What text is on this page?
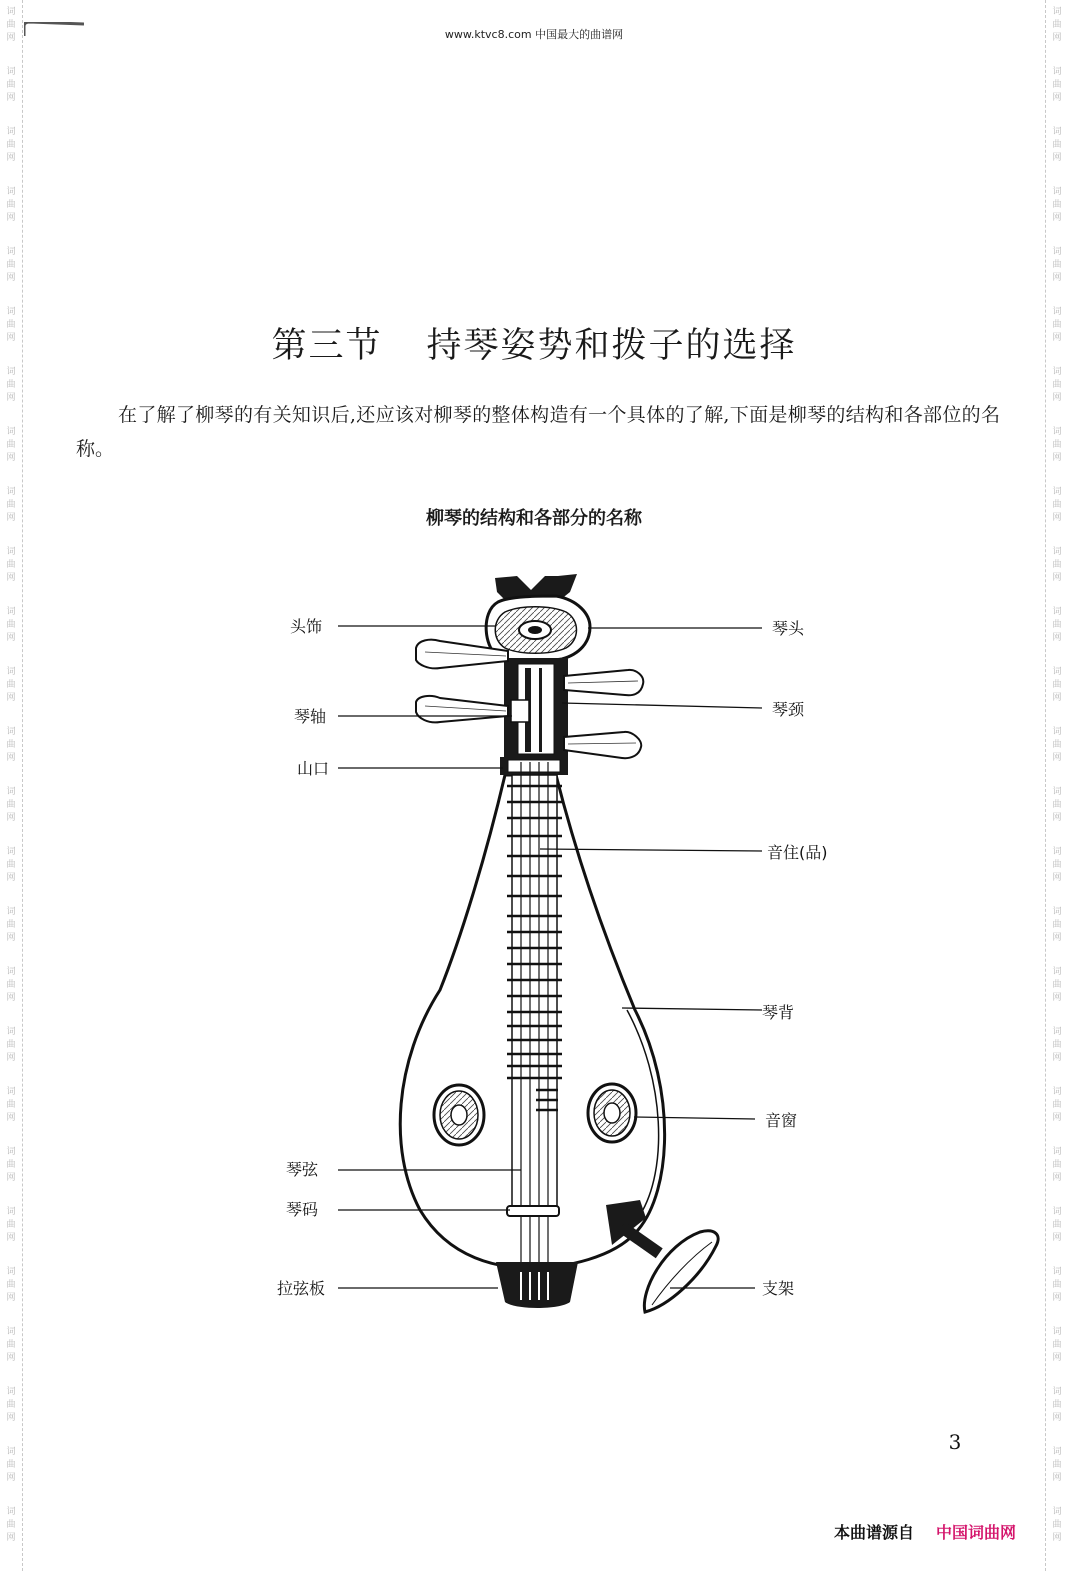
词
曲
网
词
曲
网
词
曲
网
词
曲
网
词
曲
网
词
曲
网
词
曲
网
词
曲
网
词
曲
网
词
曲
网
词
曲
网
词
曲
网
词
曲
网
词
曲
网
词
曲
网
词
曲
网
词
曲
网
词
曲
网
词
曲
网
词
曲
网
词
曲
网
词
曲
网
词
曲
网
词
曲
网
词
曲
网
词
曲
网
词
曲
网
词
曲
网
词
曲
网
词
曲
网
词
曲
网
词
曲
网
词
曲
网
词
曲
网
词
曲
网
词
曲
网
词
曲
网
词
曲
网
词
曲
网
词
曲
网
词
曲
网
词
曲
网
词
曲
网
词
曲
网
词
曲
网
词
曲
网
词
曲
网
词
曲
网
词
曲
网
词
曲
网
词
曲
网
词
曲
网
www.ktvc8.com 中国最大的曲谱网
第三节 持琴姿势和拨子的选择
在了解了柳琴的有关知识后,还应该对柳琴的整体构造有一个具体的了解,下面是柳琴的结构和各部位的名称。
柳琴的结构和各部分的名称
头饰	琴头
琴轴	琴颈
山口
音住(品)
琴背
音窗
琴弦
琴码
拉弦板	支架
3
本曲谱源自 中国词曲网
